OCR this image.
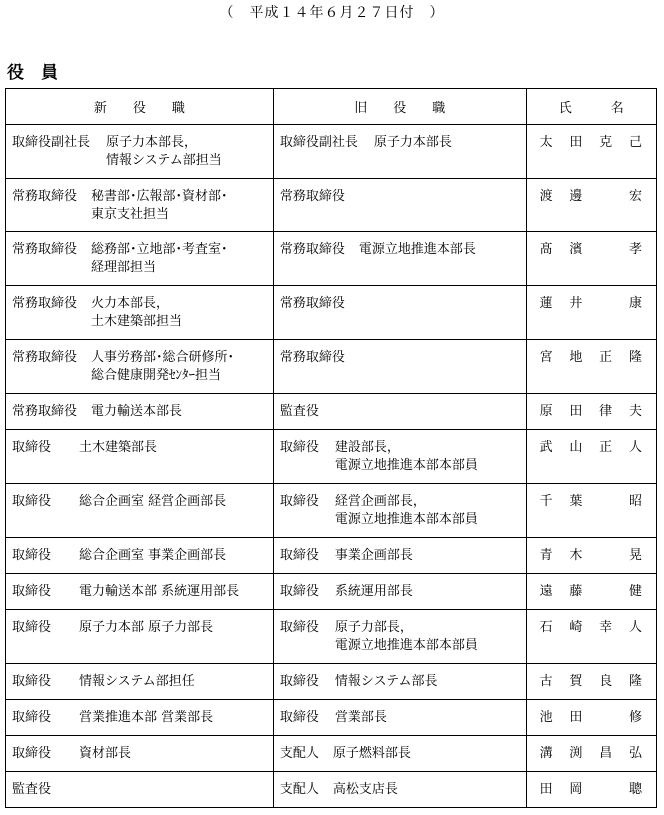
（　平成１４年６月２７日付　）
役　員
新　　役　　職	旧　　役　　職	氏　　　名

取締役副社長 原子力本部長，
情報システム部担当	取締役副社長 原子力本部長	太 田 克 己

常務取締役 秘書部･広報部･資材部･
東京支社担当	常務取締役	渡 邊 宏

常務取締役 総務部･立地部･考査室･
経理部担当	常務取締役 電源立地推進本部長	髙 濱 孝

常務取締役 火力本部長，
土木建築部担当	常務取締役	蓮 井 康

常務取締役 人事労務部･総合研修所･
総合健康開発ｾﾝﾀｰ担当	常務取締役	宮 地 正 隆

常務取締役 電力輸送本部長	監査役	原 田 律 夫

取締役 土木建築部長	取締役 建設部長，
電源立地推進本部本部員	武 山 正 人

取締役 総合企画室 経営企画部長	取締役 経営企画部長，
電源立地推進本部本部員	千 葉 昭

取締役 総合企画室 事業企画部長	取締役 事業企画部長	青 木 晃

取締役 電力輸送本部 系統運用部長	取締役 系統運用部長	遠 藤 健

取締役 原子力本部 原子力部長	取締役 原子力部長，
電源立地推進本部本部員	石 崎 幸 人

取締役 情報システム部担任	取締役 情報システム部長	古 賀 良 隆

取締役 営業推進本部 営業部長	取締役 営業部長	池 田 修

取締役 資材部長	支配人 原子燃料部長	溝 渕 昌 弘

監査役	支配人 高松支店長	田 岡 聰
